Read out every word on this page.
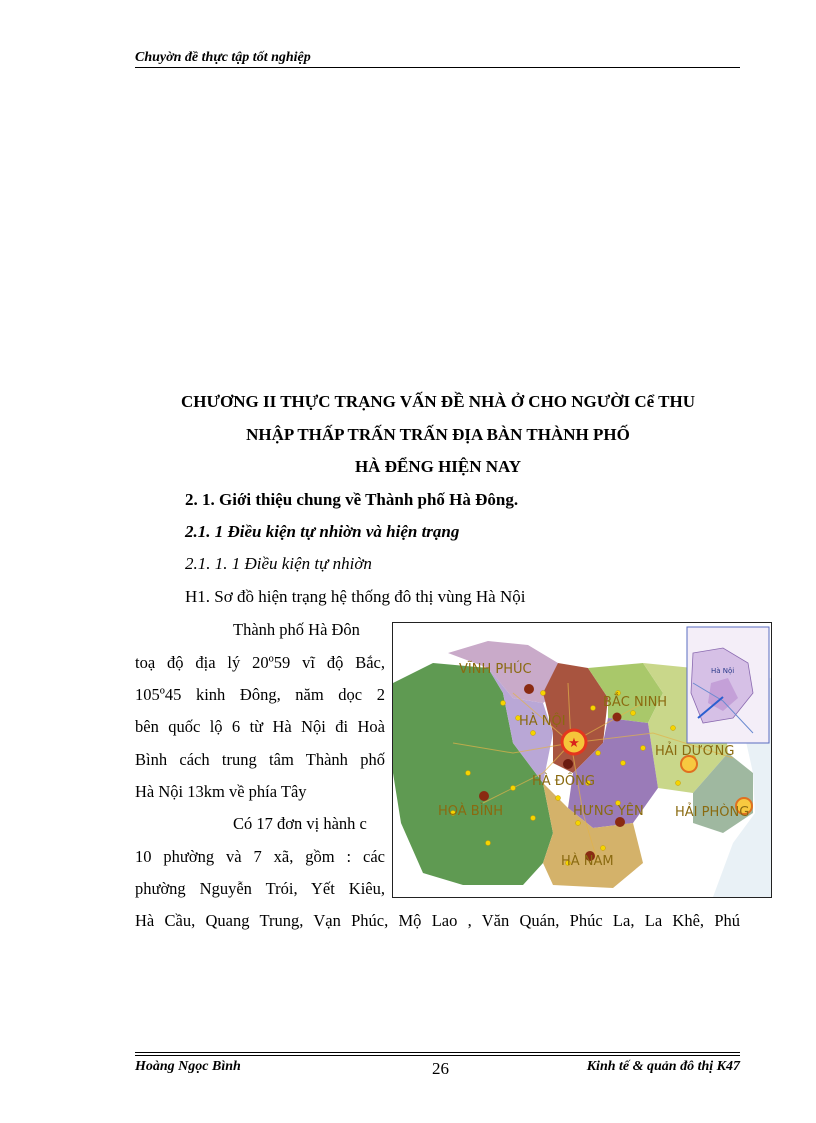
Chuyờn đề thực tập tốt nghiệp
CHƯƠNG II THỰC TRẠNG VẤN ĐỀ NHÀ Ở CHO NGƯỜI Cể THU
NHẬP THẤP TRẤN TRẤN ĐỊA BÀN THÀNH PHỐ
HÀ ĐỂNG HIỆN NAY
2. 1. Giới thiệu chung về Thành phố Hà Đông.
2.1. 1 Điều kiện tự nhiờn và hiện trạng
2.1. 1. 1 Điều kiện tự nhiờn
H1. Sơ đồ hiện trạng hệ thống đô thị vùng Hà Nội
Thành phố Hà Đôn
toạ độ địa lý 20º59 vĩ độ Bắc,
105º45 kinh Đông, năm dọc 2
bên quốc lộ 6 từ Hà Nội đi Hoà
Bình cách trung tâm Thành phố
Hà Nội 13km về phía Tây
Có 17 đơn vị hành c
10 phường và 7 xã, gồm : các
phường Nguyễn Trói, Yết Kiêu,
Hà Cầu, Quang Trung, Vạn Phúc, Mộ Lao , Văn Quán, Phúc La, La Khê, Phú
★
VĨNH PHÚC
BẮC NINH
HÀ NỘI
HẢI DƯƠNG
HÀ ĐÔNG
HOÀ BÌNH	HƯNG YÊN HẢI PHÒNG
HÀ NAM
Hà Nội
Hoàng Ngọc Bình	26	Kinh tế & quản đô thị K47
